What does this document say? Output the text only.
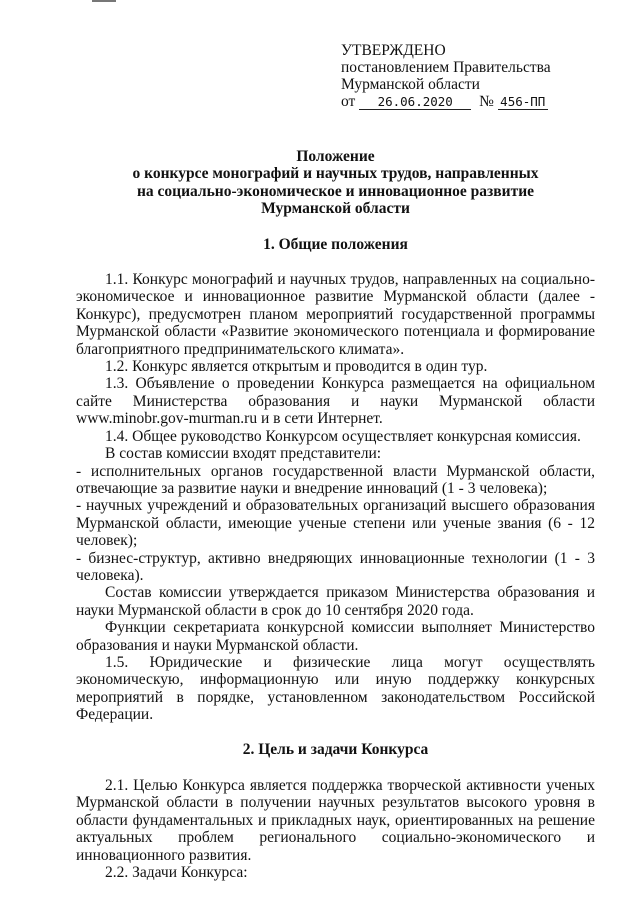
УТВЕРЖДЕНО
постановлением Правительства
Мурманской области
от 26.06.2020 № 456-ПП

Положение

о конкурсе монографий и научных трудов, направленных

на социально-экономическое и инновационное развитие

Мурманской области

1. Общие положения

1.1. Конкурс монографий и научных трудов, направленных на социально-экономическое и инновационное развитие Мурманской области (далее - Конкурс), предусмотрен планом мероприятий государственной программы Мурманской области «Развитие экономического потенциала и формирование благоприятного предпринимательского климата».

1.2. Конкурс является открытым и проводится в один тур.

1.3. Объявление о проведении Конкурса размещается на официальном сайте Министерства образования и науки Мурманской области www.minobr.gov-murman.ru и в сети Интернет.

1.4. Общее руководство Конкурсом осуществляет конкурсная комиссия.

В состав комиссии входят представители:

- исполнительных органов государственной власти Мурманской области, отвечающие за развитие науки и внедрение инноваций (1 - 3 человека);

- научных учреждений и образовательных организаций высшего образования Мурманской области, имеющие ученые степени или ученые звания (6 - 12 человек);

- бизнес-структур, активно внедряющих инновационные технологии (1 - 3 человека).

Состав комиссии утверждается приказом Министерства образования и науки Мурманской области в срок до 10 сентября 2020 года.

Функции секретариата конкурсной комиссии выполняет Министерство образования и науки Мурманской области.

1.5. Юридические и физические лица могут осуществлять экономическую, информационную или иную поддержку конкурсных мероприятий в порядке, установленном законодательством Российской Федерации.

2. Цель и задачи Конкурса

2.1. Целью Конкурса является поддержка творческой активности ученых Мурманской области в получении научных результатов высокого уровня в области фундаментальных и прикладных наук, ориентированных на решение актуальных проблем регионального социально-экономического и инновационного развития.

2.2. Задачи Конкурса:
